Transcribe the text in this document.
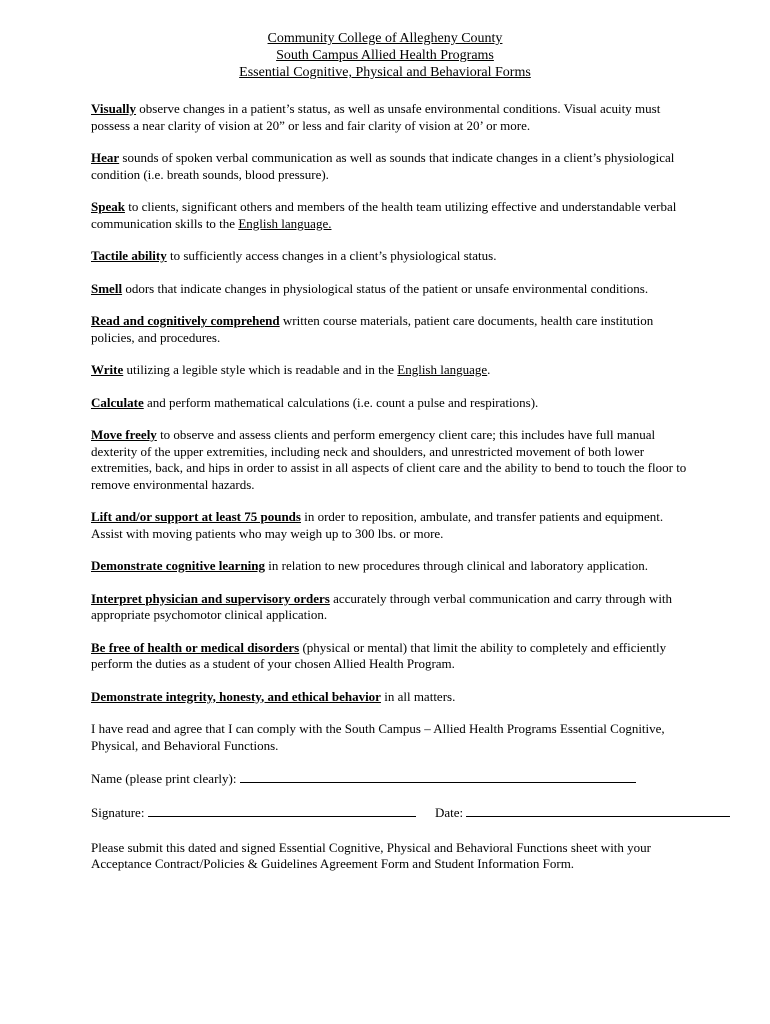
Community College of Allegheny County
South Campus Allied Health Programs
Essential Cognitive, Physical and Behavioral Forms

Visually observe changes in a patient’s status, as well as unsafe environmental conditions. Visual acuity must possess a near clarity of vision at 20” or less and fair clarity of vision at 20’ or more.

Hear sounds of spoken verbal communication as well as sounds that indicate changes in a client’s physiological condition (i.e. breath sounds, blood pressure).

Speak to clients, significant others and members of the health team utilizing effective and understandable verbal communication skills to the English language.

Tactile ability to sufficiently access changes in a client’s physiological status.

Smell odors that indicate changes in physiological status of the patient or unsafe environmental conditions.

Read and cognitively comprehend written course materials, patient care documents, health care institution policies, and procedures.

Write utilizing a legible style which is readable and in the English language.

Calculate and perform mathematical calculations (i.e. count a pulse and respirations).

Move freely to observe and assess clients and perform emergency client care; this includes have full manual dexterity of the upper extremities, including neck and shoulders, and unrestricted movement of both lower extremities, back, and hips in order to assist in all aspects of client care and the ability to bend to touch the floor to remove environmental hazards.

Lift and/or support at least 75 pounds in order to reposition, ambulate, and transfer patients and equipment. Assist with moving patients who may weigh up to 300 lbs. or more.

Demonstrate cognitive learning in relation to new procedures through clinical and laboratory application.

Interpret physician and supervisory orders accurately through verbal communication and carry through with appropriate psychomotor clinical application.

Be free of health or medical disorders (physical or mental) that limit the ability to completely and efficiently perform the duties as a student of your chosen Allied Health Program.

Demonstrate integrity, honesty, and ethical behavior in all matters.

I have read and agree that I can comply with the South Campus – Allied Health Programs Essential Cognitive, Physical, and Behavioral Functions.

Name (please print clearly):
Signature:	Date:

Please submit this dated and signed Essential Cognitive, Physical and Behavioral Functions sheet with your Acceptance Contract/Policies & Guidelines Agreement Form and Student Information Form.
